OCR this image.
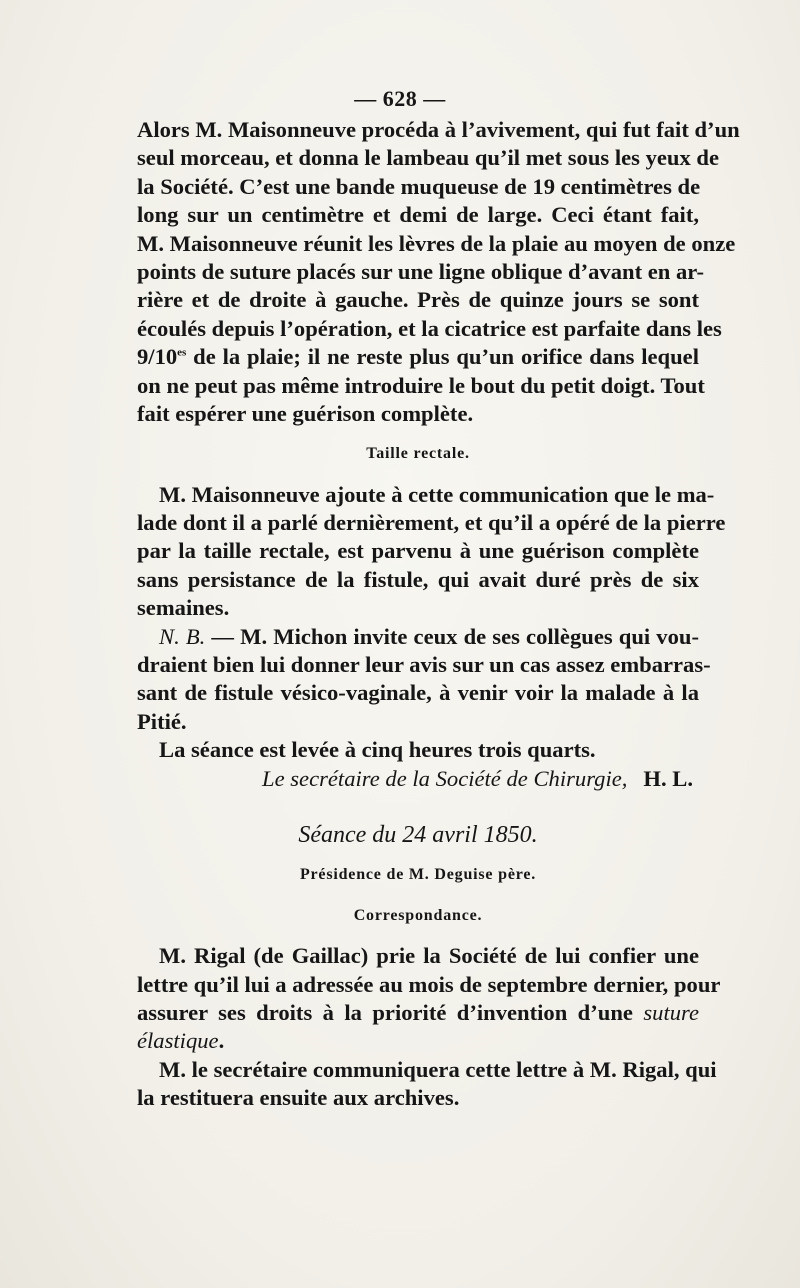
— 628 —
Alors M. Maisonneuve procéda à l’avivement, qui fut fait d’un
seul morceau, et donna le lambeau qu’il met sous les yeux de
la Société. C’est une bande muqueuse de 19 centimètres de
long sur un centimètre et demi de large. Ceci étant fait,
M. Maisonneuve réunit les lèvres de la plaie au moyen de onze
points de suture placés sur une ligne oblique d’avant en ar-
rière et de droite à gauche. Près de quinze jours se sont
écoulés depuis l’opération, et la cicatrice est parfaite dans les
$9/10^{es}$ de la plaie; il ne reste plus qu’un orifice dans lequel
on ne peut pas même introduire le bout du petit doigt. Tout
fait espérer une guérison complète.
Taille rectale.
M. Maisonneuve ajoute à cette communication que le ma-
lade dont il a parlé dernièrement, et qu’il a opéré de la pierre
par la taille rectale, est parvenu à une guérison complète
sans persistance de la fistule, qui avait duré près de six
semaines.
N. B. — M. Michon invite ceux de ses collègues qui vou-
draient bien lui donner leur avis sur un cas assez embarras-
sant de fistule vésico-vaginale, à venir voir la malade à la
Pitié.
La séance est levée à cinq heures trois quarts.
Le secrétaire de la Société de Chirurgie, H. L.
Séance du 24 avril 1850.
Présidence de M. Deguise père.
Correspondance.
M. Rigal (de Gaillac) prie la Société de lui confier une
lettre qu’il lui a adressée au mois de septembre dernier, pour
assurer ses droits à la priorité d’invention d’une suture
élastique.
M. le secrétaire communiquera cette lettre à M. Rigal, qui
la restituera ensuite aux archives.
